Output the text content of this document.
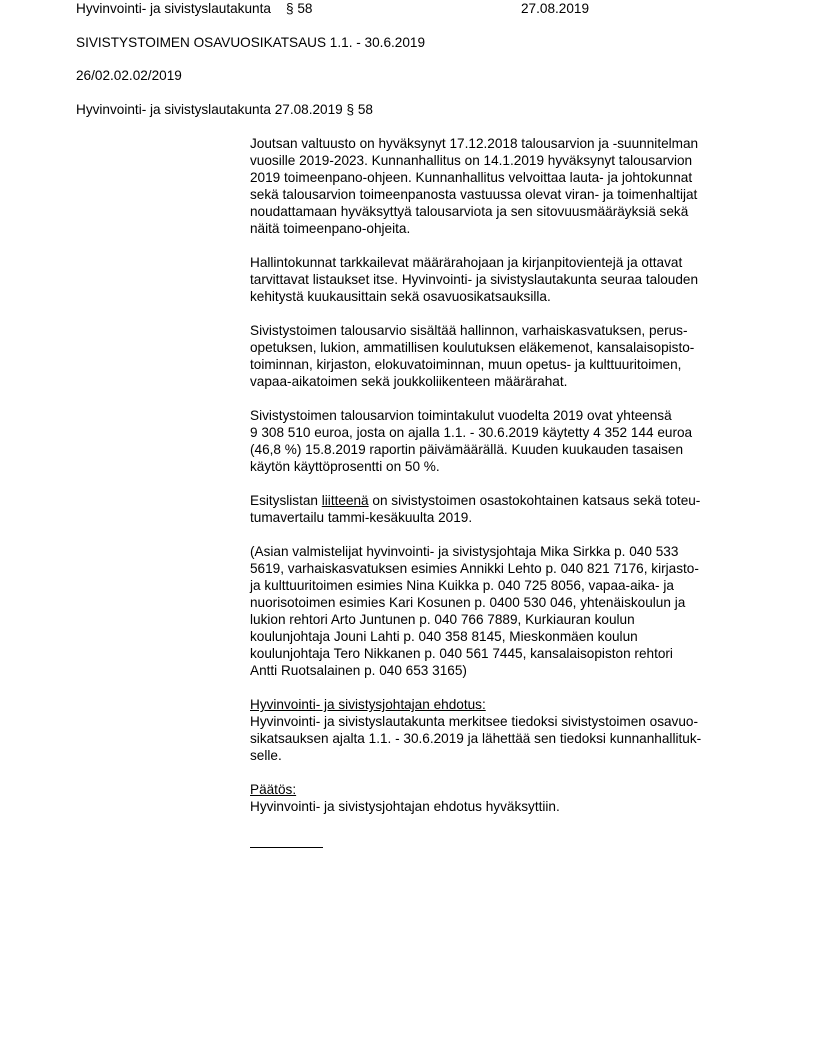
Hyvinvointi- ja sivistyslautakunta    § 58	27.08.2019
SIVISTYSTOIMEN OSAVUOSIKATSAUS 1.1. - 30.6.2019
26/02.02.02/2019
Hyvinvointi- ja sivistyslautakunta 27.08.2019 § 58
Joutsan valtuusto on hyväksynyt 17.12.2018 talousarvion ja -suunnitelman
vuosille 2019-2023. Kunnanhallitus on 14.1.2019 hyväksynyt talousarvion
2019 toimeenpano-ohjeen. Kunnanhallitus velvoittaa lauta- ja johtokunnat
sekä talousarvion toimeenpanosta vastuussa olevat viran- ja toimenhaltijat
noudattamaan hyväksyttyä talousarviota ja sen sitovuusmääräyksiä sekä
näitä toimeenpano-ohjeita.
Hallintokunnat tarkkailevat määrärahojaan ja kirjanpitovientejä ja ottavat
tarvittavat listaukset itse. Hyvinvointi- ja sivistyslautakunta seuraa talouden
kehitystä kuukausittain sekä osavuosikatsauksilla.
Sivistystoimen talousarvio sisältää hallinnon, varhaiskasvatuksen, perus-
opetuksen, lukion, ammatillisen koulutuksen eläkemenot, kansalaisopisto-
toiminnan, kirjaston, elokuvatoiminnan, muun opetus- ja kulttuuritoimen,
vapaa-aikatoimen sekä joukkoliikenteen määrärahat.
Sivistystoimen talousarvion toimintakulut vuodelta 2019 ovat yhteensä
9 308 510 euroa, josta on ajalla 1.1. - 30.6.2019 käytetty 4 352 144 euroa
(46,8 %) 15.8.2019 raportin päivämäärällä. Kuuden kuukauden tasaisen
käytön käyttöprosentti on 50 %.
Esityslistan liitteenä on sivistystoimen osastokohtainen katsaus sekä toteu-
tumavertailu tammi-kesäkuulta 2019.
(Asian valmistelijat hyvinvointi- ja sivistysjohtaja Mika Sirkka p. 040 533
5619, varhaiskasvatuksen esimies Annikki Lehto p. 040 821 7176, kirjasto-
ja kulttuuritoimen esimies Nina Kuikka p. 040 725 8056, vapaa-aika- ja
nuorisotoimen esimies Kari Kosunen p. 0400 530 046, yhtenäiskoulun ja
lukion rehtori Arto Juntunen p. 040 766 7889, Kurkiauran koulun
koulunjohtaja Jouni Lahti p. 040 358 8145, Mieskonmäen koulun
koulunjohtaja Tero Nikkanen p. 040 561 7445, kansalaisopiston rehtori
Antti Ruotsalainen p. 040 653 3165)
Hyvinvointi- ja sivistysjohtajan ehdotus:
Hyvinvointi- ja sivistyslautakunta merkitsee tiedoksi sivistystoimen osavuo-
sikatsauksen ajalta 1.1. - 30.6.2019 ja lähettää sen tiedoksi kunnanhallituk-
selle.
Päätös:
Hyvinvointi- ja sivistysjohtajan ehdotus hyväksyttiin.
